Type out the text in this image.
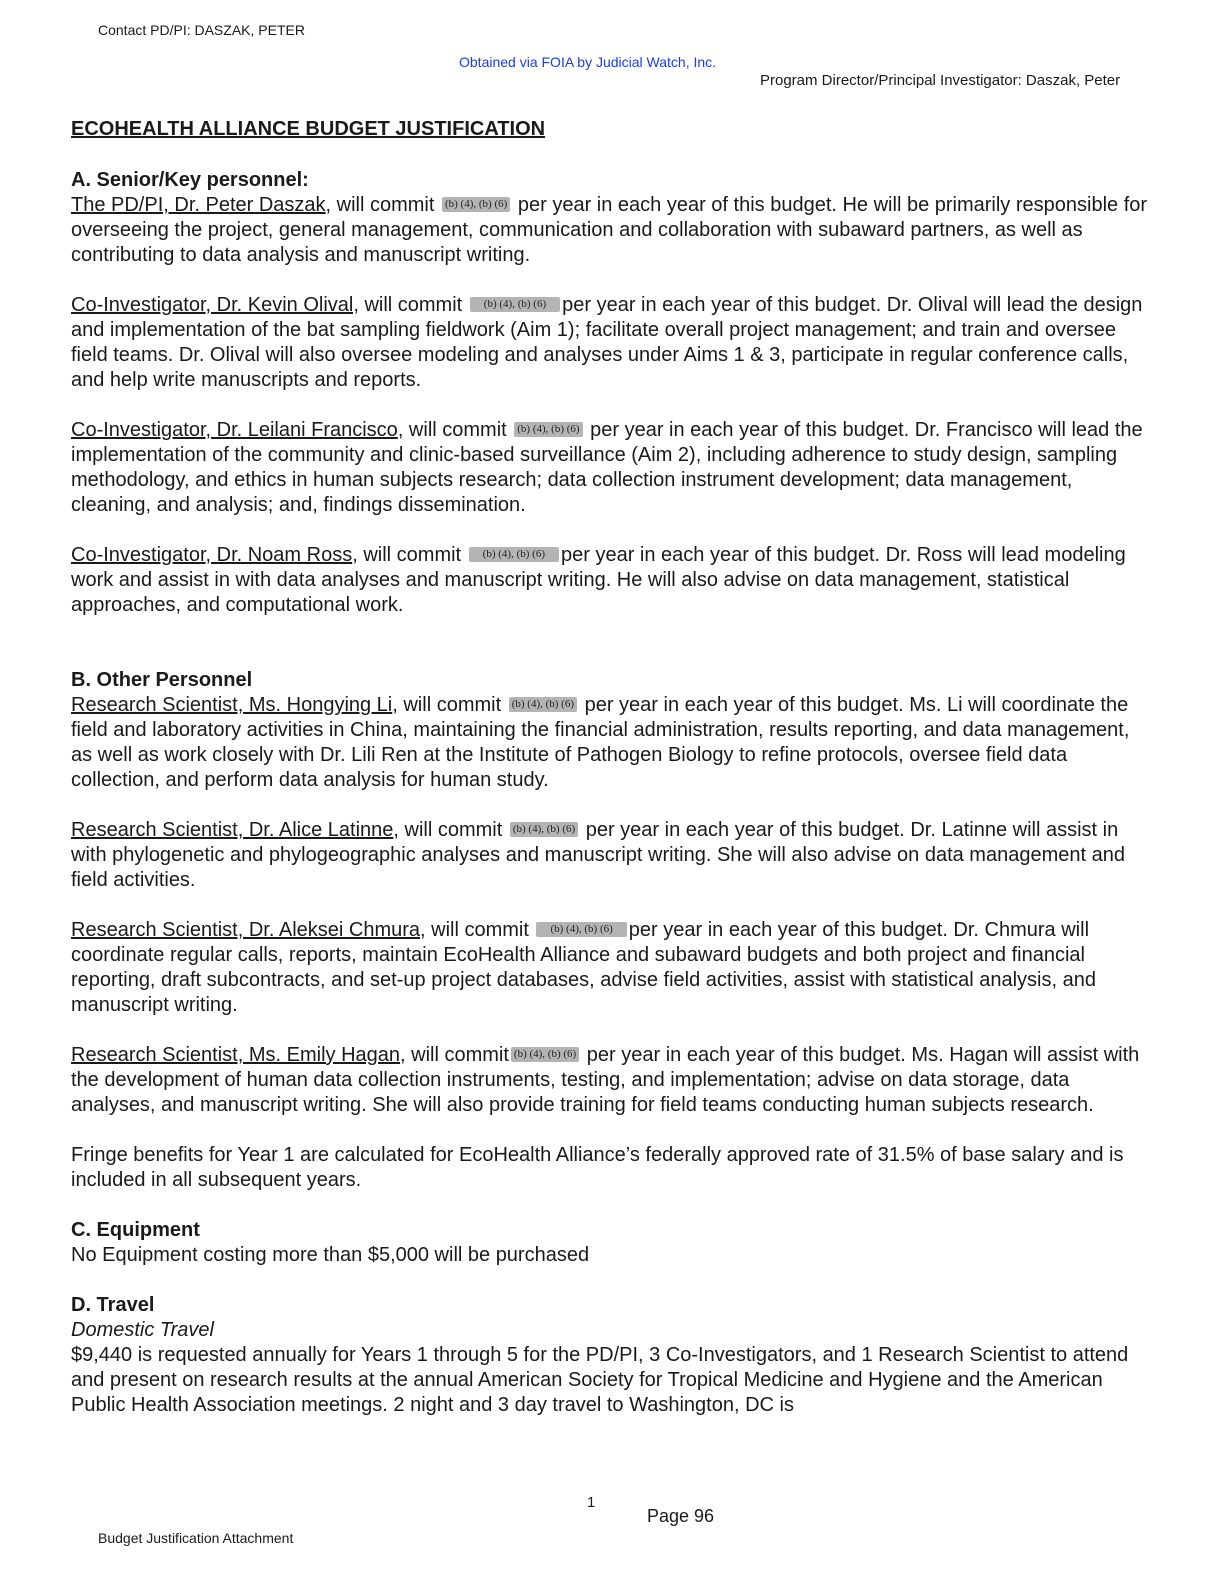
Contact PD/PI: DASZAK, PETER
Obtained via FOIA by Judicial Watch, Inc.
Program Director/Principal Investigator: Daszak, Peter
ECOHEALTH ALLIANCE BUDGET JUSTIFICATION
A. Senior/Key personnel:

The PD/PI, Dr. Peter Daszak, will commit (b) (4), (b) (6) per year in each year of this budget. He will be primarily responsible for overseeing the project, general management, communication and collaboration with subaward partners, as well as contributing to data analysis and manuscript writing.

Co-Investigator, Dr. Kevin Olival, will commit (b) (4), (b) (6) per year in each year of this budget. Dr. Olival will lead the design and implementation of the bat sampling fieldwork (Aim 1); facilitate overall project management; and train and oversee field teams. Dr. Olival will also oversee modeling and analyses under Aims 1 & 3, participate in regular conference calls, and help write manuscripts and reports.

Co-Investigator, Dr. Leilani Francisco, will commit (b) (4), (b) (6) per year in each year of this budget. Dr. Francisco will lead the implementation of the community and clinic-based surveillance (Aim 2), including adherence to study design, sampling methodology, and ethics in human subjects research; data collection instrument development; data management, cleaning, and analysis; and, findings dissemination.

Co-Investigator, Dr. Noam Ross, will commit (b) (4), (b) (6) per year in each year of this budget. Dr. Ross will lead modeling work and assist in with data analyses and manuscript writing. He will also advise on data management, statistical approaches, and computational work.

B. Other Personnel

Research Scientist, Ms. Hongying Li, will commit (b) (4), (b) (6) per year in each year of this budget. Ms. Li will coordinate the field and laboratory activities in China, maintaining the financial administration, results reporting, and data management, as well as work closely with Dr. Lili Ren at the Institute of Pathogen Biology to refine protocols, oversee field data collection, and perform data analysis for human study.

Research Scientist, Dr. Alice Latinne, will commit (b) (4), (b) (6) per year in each year of this budget. Dr. Latinne will assist in with phylogenetic and phylogeographic analyses and manuscript writing. She will also advise on data management and field activities.

Research Scientist, Dr. Aleksei Chmura, will commit (b) (4), (b) (6) per year in each year of this budget. Dr. Chmura will coordinate regular calls, reports, maintain EcoHealth Alliance and subaward budgets and both project and financial reporting, draft subcontracts, and set-up project databases, advise field activities, assist with statistical analysis, and manuscript writing.

Research Scientist, Ms. Emily Hagan, will commit (b) (4), (b) (6) per year in each year of this budget. Ms. Hagan will assist with the development of human data collection instruments, testing, and implementation; advise on data storage, data analyses, and manuscript writing. She will also provide training for field teams conducting human subjects research.

Fringe benefits for Year 1 are calculated for EcoHealth Alliance’s federally approved rate of 31.5% of base salary and is included in all subsequent years.

C. Equipment

No Equipment costing more than $5,000 will be purchased

D. Travel
Domestic Travel

$9,440 is requested annually for Years 1 through 5 for the PD/PI, 3 Co-Investigators, and 1 Research Scientist to attend and present on research results at the annual American Society for Tropical Medicine and Hygiene and the American Public Health Association meetings. 2 night and 3 day travel to Washington, DC is

1
Page 96
Budget Justification Attachment
